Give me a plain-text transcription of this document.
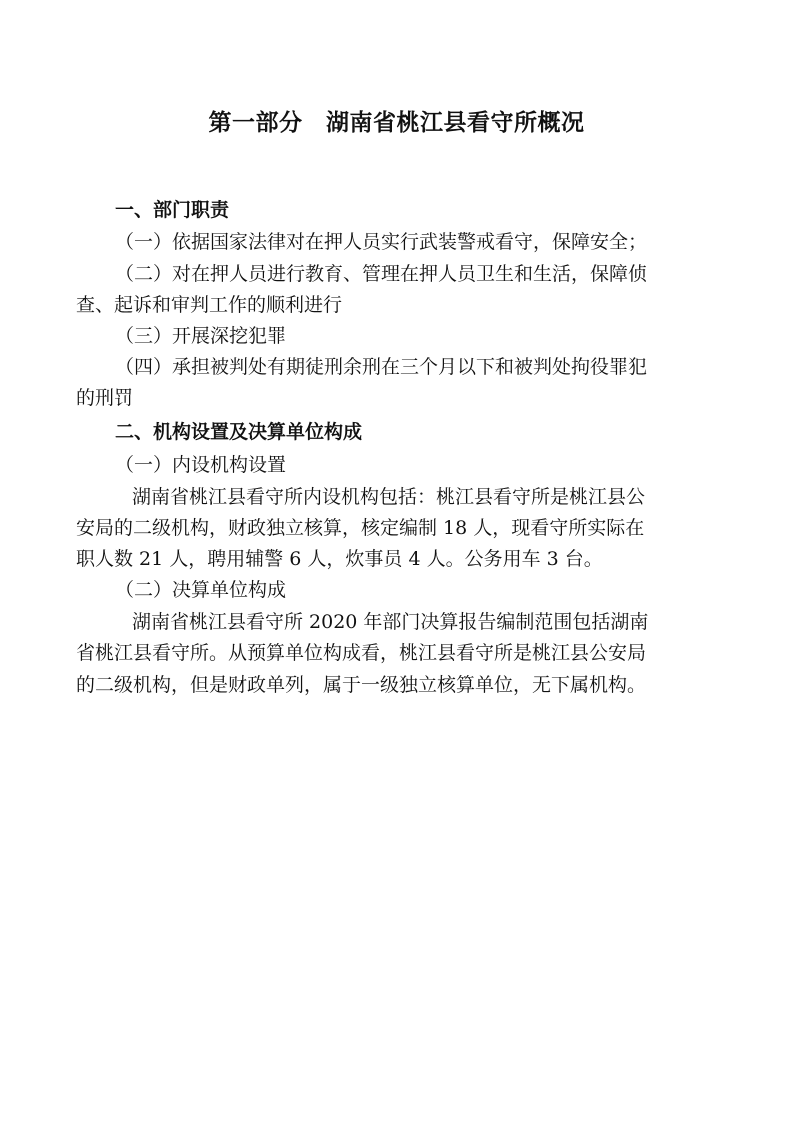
第一部分　湖南省桃江县看守所概况
一、部门职责
（一）依据国家法律对在押人员实行武装警戒看守，保障安全；
（二）对在押人员进行教育、管理在押人员卫生和生活，保障侦
查、起诉和审判工作的顺利进行
（三）开展深挖犯罪
（四）承担被判处有期徒刑余刑在三个月以下和被判处拘役罪犯
的刑罚
二、机构设置及决算单位构成
（一）内设机构设置
湖南省桃江县看守所内设机构包括：桃江县看守所是桃江县公
安局的二级机构，财政独立核算，核定编制 18 人，现看守所实际在
职人数 21 人，聘用辅警 6 人，炊事员 4 人。公务用车 3 台。
（二）决算单位构成
湖南省桃江县看守所 2020 年部门决算报告编制范围包括湖南
省桃江县看守所。从预算单位构成看，桃江县看守所是桃江县公安局
的二级机构，但是财政单列，属于一级独立核算单位，无下属机构。
